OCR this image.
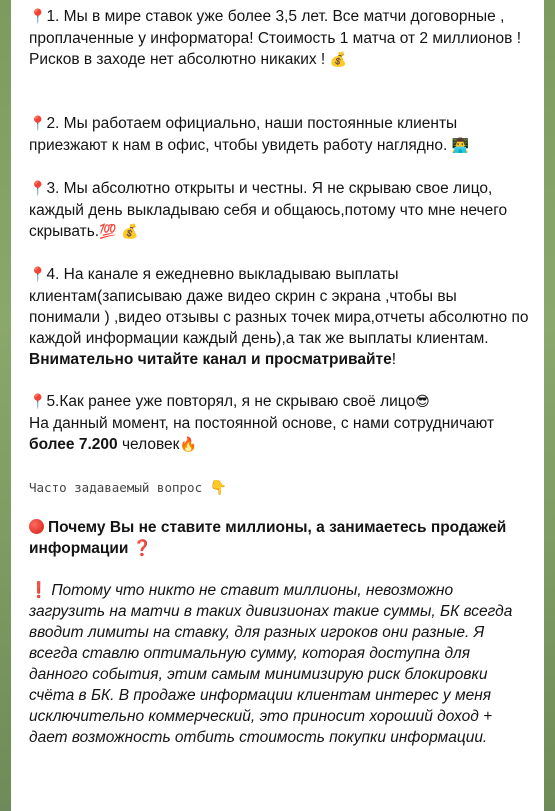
📍1. Мы в мире ставок уже более 3,5 лет. Все матчи договорные , проплаченные у информатора! Стоимость 1 матча от 2 миллионов ! Рисков в заходе нет абсолютно никаких ! 💰

📍2. Мы работаем официально, наши постоянные клиенты приезжают к нам в офис, чтобы увидеть работу наглядно. 👨‍💻

📍3. Мы абсолютно открыты и честны. Я не скрываю свое лицо, каждый день выкладываю себя и общаюсь,потому что мне нечего скрывать.💯 💰

📍4. На канале я ежедневно выкладываю выплаты клиентам(записываю даже видео скрин с экрана ,чтобы вы понимали ) ,видео отзывы с разных точек мира,отчеты абсолютно по каждой информации каждый день),а так же выплаты клиентам.
Внимательно читайте канал и просматривайте!

📍5.Как ранее уже повторял, я не скрываю своё лицо😎
На данный момент, на постоянной основе, с нами сотрудничают более 7.200 человек🔥

Часто задаваемый вопрос 👇

Почему Вы не ставите миллионы, а занимаетесь продажей информации ❓

❗ Потому что никто не ставит миллионы, невозможно загрузить на матчи в таких дивизионах такие суммы, БК всегда вводит лимиты на ставку, для разных игроков они разные. Я всегда ставлю оптимальную сумму, которая доступна для данного события, этим самым минимизирую риск блокировки счёта в БК. В продаже информации клиентам интерес у меня исключительно коммерческий, это приносит хороший доход + дает возможность отбить стоимость покупки информации.
